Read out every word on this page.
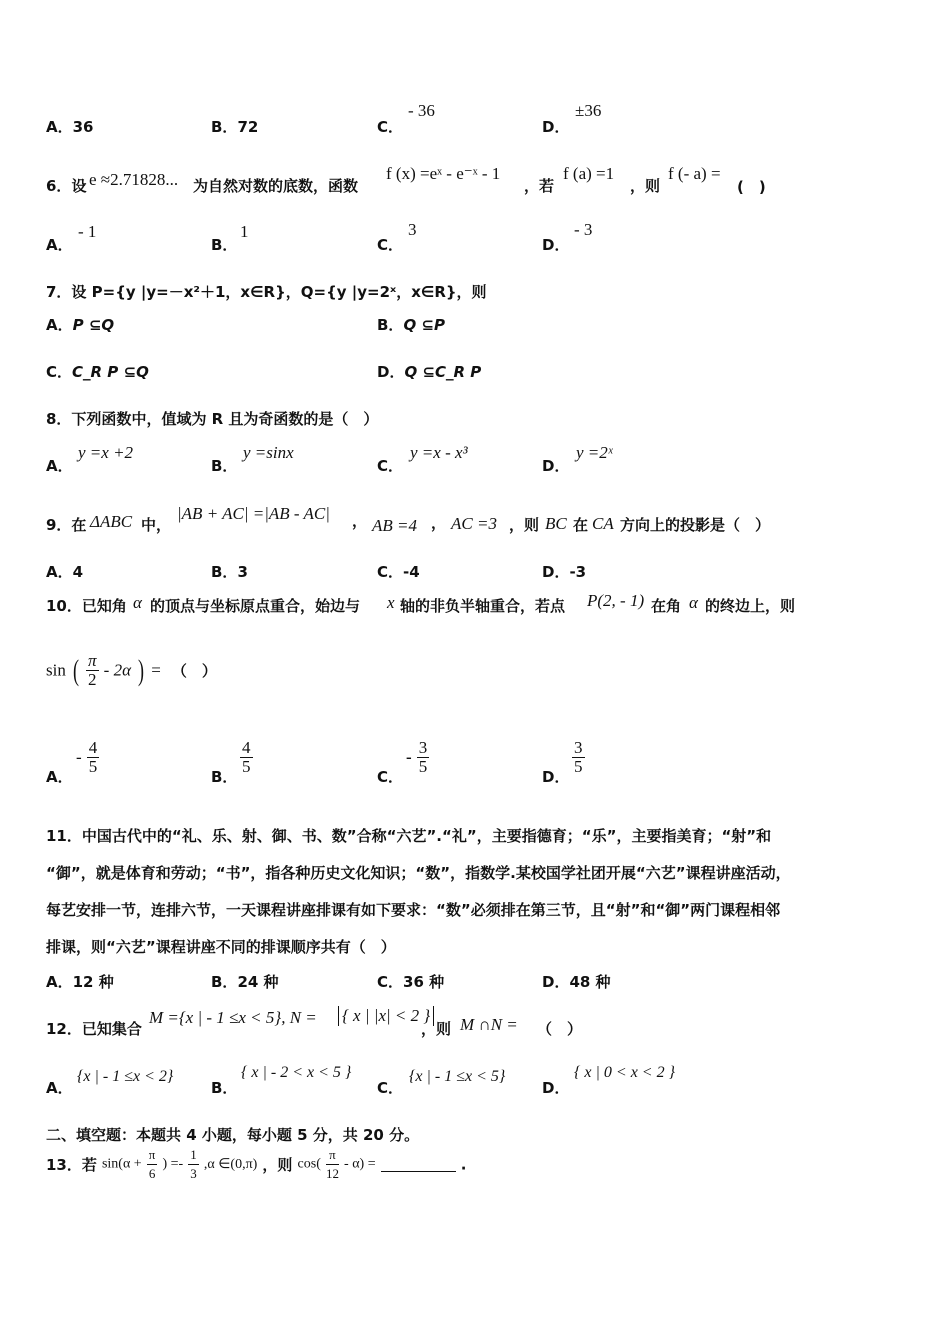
A．36	B．72	C．
- 36
D．
±36
6．设 e ≈2.71828... 为自然对数的底数，函数
f (x) =eˣ - e⁻ˣ - 1
，若
f (a) =1
，则
f (- a) =
(　)
A．
- 1
B．
1
C．
3
D．
- 3
7．设 P={y |y=－x²＋1，x∈R}，Q={y |y=2ˣ，x∈R}，则
A．P ⊆Q	B．Q ⊆P
C．C_R P ⊆Q	D．Q ⊆C_R P
8．下列函数中，值域为 R 且为奇函数的是（　）
A．
y =x +2
B．
y =sinx
C．
y =x - x³
D．
y =2ˣ
9．在 ΔABC 中，
|AB + AC| =|AB - AC| ， AB =4 ， AC =3 ，则 BC 在 CA 方向上的投影是（　）
A．4	B．3	C．-4	D．-3
10．已知角 α 的顶点与坐标原点重合，始边与 x 轴的非负半轴重合，若点 P(2, - 1) 在角 α 的终边上，则
sin ( $\frac{\pi}{2} - 2\alpha$ ) = （　）
A．
- $\frac{4}{5}$
B．
$\frac{4}{5}$
C．
- $\frac{3}{5}$
D．
$\frac{3}{5}$
11．中国古代中的“礼、乐、射、御、书、数”合称“六艺”.“礼”，主要指德育；“乐”，主要指美育；“射”和
“御”，就是体育和劳动；“书”，指各种历史文化知识；“数”，指数学.某校国学社团开展“六艺”课程讲座活动，
每艺安排一节，连排六节，一天课程讲座排课有如下要求：“数”必须排在第三节，且“射”和“御”两门课程相邻
排课，则“六艺”课程讲座不同的排课顺序共有（　）
A．12 种	B．24 种	C．36 种	D．48 种
12．已知集合
M ={x | - 1 ≤x < 5}, N = { x | |x| < 2 }
，则 M ∩N = （　）
A．
{x | - 1 ≤x < 2}
B．
{ x | - 2 < x < 5 }
C．
{x | - 1 ≤x < 5}
D．
{ x | 0 < x < 2 }
二、填空题：本题共 4 小题，每小题 5 分，共 20 分。
13．若 $\sin(\alpha + \frac{\pi}{6}$ ) =- $\frac{1}{3} ,\alpha$ ∈(0,π) ，则 $\cos( \frac{\pi}{12} - \alpha)$ =	.
